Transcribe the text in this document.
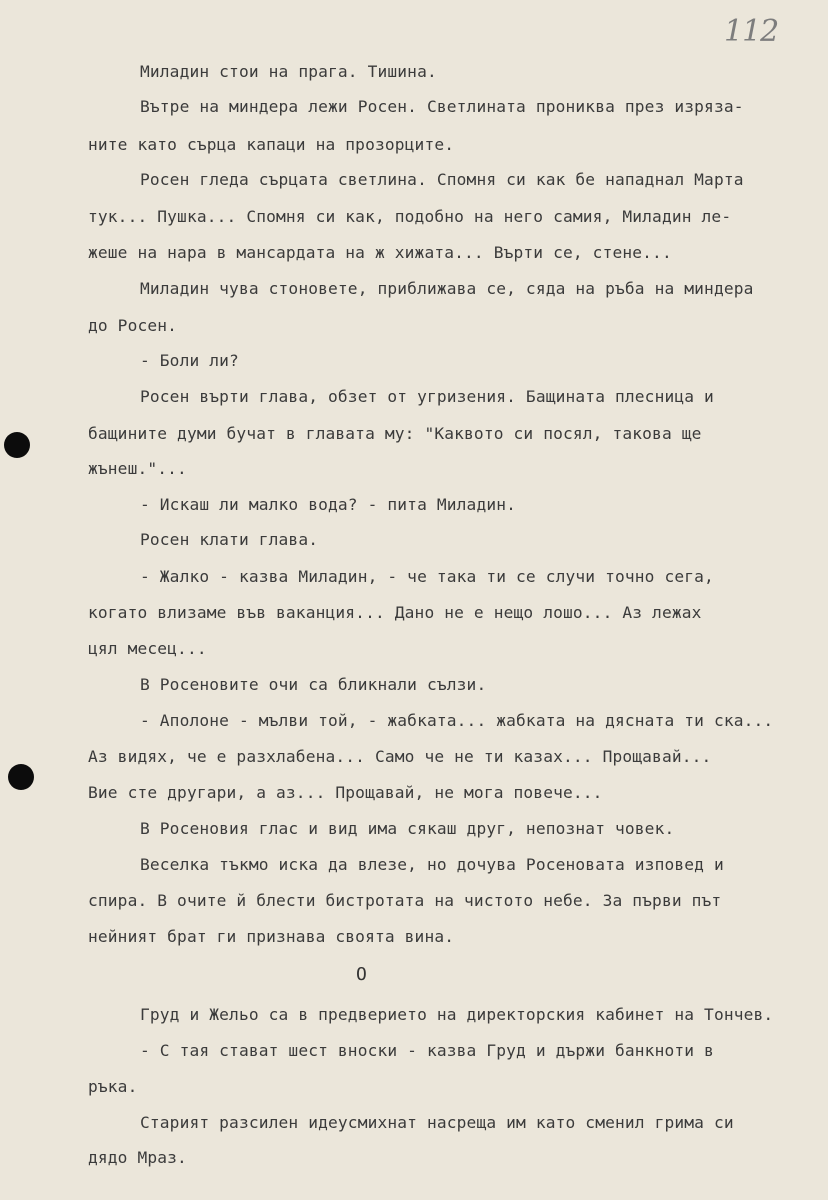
112
Миладин стои на прага. Тишина.
Вътре на миндера лежи Росен. Светлината прониква през изряза-
ните като сърца капаци на прозорците.
Росен гледа сърцата светлина. Спомня си как бе нападнал Марта
тук... Пушка... Спомня си как, подобно на него самия, Миладин ле-
жеше на нара в мансардата на ж хижата... Върти се, стене...
Миладин чува стоновете, приближава се, сяда на ръба на миндера
до Росен.
- Боли ли?
Росен върти глава, обзет от угризения. Бащината плесница и
бащините думи бучат в главата му: "Каквото си посял, такова ще
жънеш."...
- Искаш ли малко вода? - пита Миладин.
Росен клати глава.
- Жалко - казва Миладин, - че така ти се случи точно сега,
когато влизаме във ваканция... Дано не е нещо лошо... Аз лежах
цял месец...
В Росеновите очи са бликнали сълзи.
- Аполоне - мълви той, - жабката... жабката на дясната ти ска...
Аз видях, че е разхлабена... Само че не ти казах... Прощавай...
Вие сте другари, а аз... Прощавай, не мога повече...
В Росеновия глас и вид има сякаш друг, непознат човек.
Веселка тъкмо иска да влезе, но дочува Росеновата изповед и
спира. В очите й блести бистротата на чистото небе. За първи път
нейният брат ги признава своята вина.
О
Груд и Жельо са в предверието на директорския кабинет на Тончев.
- С тая стават шест вноски - казва Груд и държи банкноти в
ръка.
Старият разсилен идеусмихнат насреща им като сменил грима си
дядо Мраз.
